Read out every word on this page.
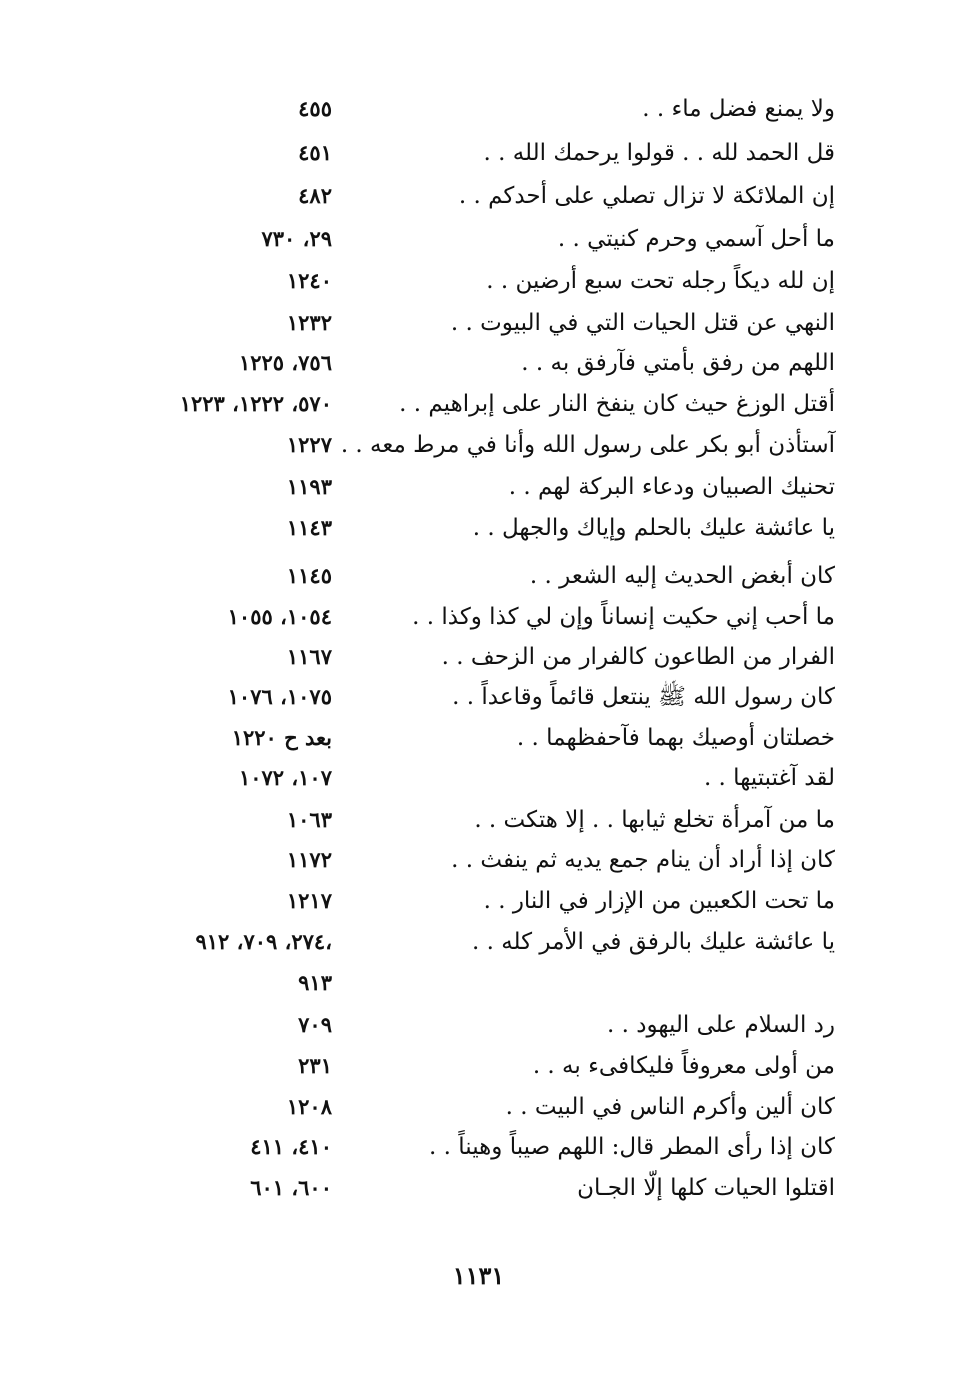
ولا يمنع فضل ماء . .
٤٥٥
قل الحمد لله . . قولوا يرحمك الله . .
٤٥١
إن الملائكة لا تزال تصلي على أحدكم . .
٤٨٢
ما أحل آسمي وحرم كنيتي . .
٢٩، ٧٣٠
إن لله ديكاً رجله تحت سبع أرضين . .
١٢٤٠
النهي عن قتل الحيات التي في البيوت . .
١٢٣٢
اللهم من رفق بأمتي فآرفق به . .
٧٥٦، ١٢٢٥
أقتل الوزغ حيث كان ينفخ النار على إبراهيم . .
٥٧٠، ١٢٢٢، ١٢٢٣
آستأذن أبو بكر على رسول الله وأنا في مرط معه . .
١٢٢٧
تحنيك الصبيان ودعاء البركة لهم . .
١١٩٣
يا عائشة عليك بالحلم وإياك والجهل . .
١١٤٣
كان أبغض الحديث إليه الشعر . .
١١٤٥
ما أحب إني حكيت إنساناً وإن لي كذا وكذا . .
١٠٥٤، ١٠٥٥
الفرار من الطاعون كالفرار من الزحف . .
١١٦٧
كان رسول الله ﷺ ينتعل قائماً وقاعداً . .
١٠٧٥، ١٠٧٦
خصلتان أوصيك بهما فآحفظهما . .
بعد ح ١٢٢٠
لقد آغتبتيها . .
١٠٧، ١٠٧٢
ما من آمرأة تخلع ثيابها . . إلا هتكت . .
١٠٦٣
كان إذا أراد أن ينام جمع يديه ثم ينفث . .
١١٧٢
ما تحت الكعبين من الإزار في النار . .
١٢١٧
يا عائشة عليك بالرفق في الأمر كله . .
٢٧٤، ٧٠٩، ٩١٢،
٩١٣
رد السلام على اليهود . .
٧٠٩
من أولى معروفاً فليكافىء به . .
٢٣١
كان ألين وأكرم الناس في البيت . .
١٢٠٨
كان إذا رأى المطر قال: اللهم صيباً وهيناً . .
٤١٠، ٤١١
اقتلوا الحيات كلها إلّا الجـان
٦٠٠، ٦٠١
١١٣١
